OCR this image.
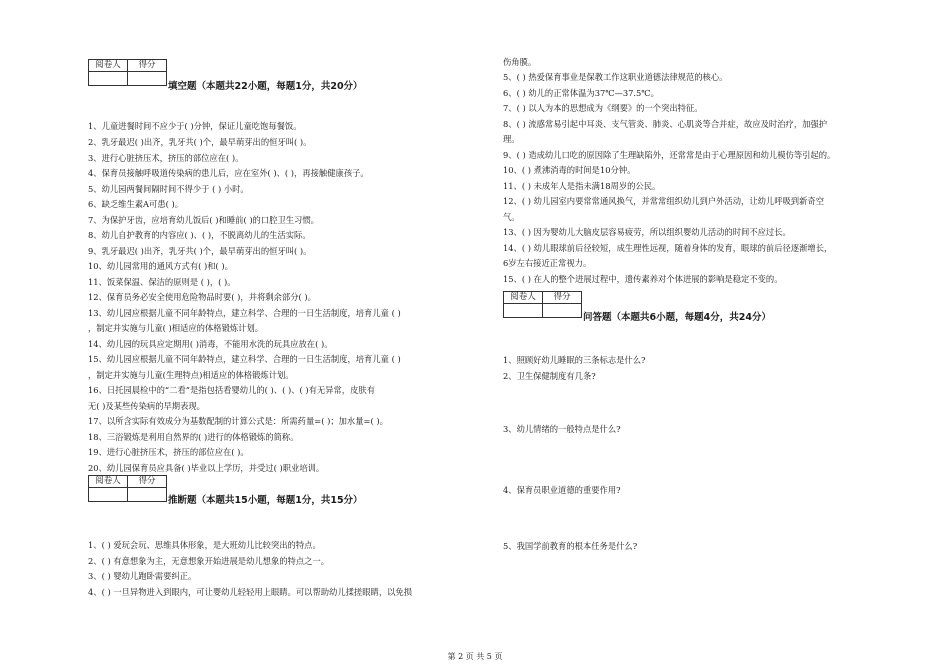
阅卷人	得分

填空题（本题共22小题，每题1分，共20分）
1、儿童进餐时间不应少于( )分钟，保证儿童吃饱每餐饭。
2、乳牙最迟( )出齐，乳牙共( )个，最早萌芽出的恒牙叫( )。
3、进行心脏挤压术，挤压的部位应在( )。
4、保育员接触呼吸道传染病的患儿后，应在室外( )、( )，再接触健康孩子。
5、幼儿园两餐间隔时间不得少于 ( ) 小时。
6、缺乏维生素A可患( )。
7、为保护牙齿，应培育幼儿饭后( )和睡前( )的口腔卫生习惯。
8、幼儿自护教育的内容应( )、( )，不脱离幼儿的生活实际。
9、乳牙最迟( )出齐，乳牙共( )个，最早萌芽出的恒牙叫( )。
10、幼儿园常用的通风方式有( )和( )。
11、饭菜保温、保洁的原则是 ( )，( )。
12、保育员务必安全使用危险物品时要( )，并将剩余部分( )。
13、幼儿园应根据儿童不同年龄特点，建立科学、合理的一日生活制度，培育儿童 ( )
，制定并实施与儿童( )相适应的体格锻炼计划。
14、幼儿园的玩具应定期用( )消毒，不能用水洗的玩具应放在( )。
15、幼儿园应根据儿童不同年龄特点，建立科学、合理的一日生活制度，培育儿童 ( )
，制定并实施与儿童(生理特点)相适应的体格锻炼计划。
16、日托园晨检中的“二看”是指包括看婴幼儿的( )、( )、( )有无异常，皮肤有
无( )及某些传染病的早期表现。
17、以所含实际有效成分为基数配制的计算公式是：所需药量=( )；加水量=( )。
18、三浴锻炼是利用自然界的( )进行的体格锻炼的简称。
19、进行心脏挤压术，挤压的部位应在( )。
20、幼儿园保育员应具备( )毕业以上学历，并受过( )职业培训。
阅卷人	得分

推断题（本题共15小题，每题1分，共15分）
1、( ) 爱玩会玩、思维具体形象，是大班幼儿比较突出的特点。
2、( ) 有意想象为主，无意想象开始进展是幼儿想象的特点之一。
3、( ) 婴幼儿跑卧需要纠正。
4、( ) 一旦异物进入到眼内，可让婴幼儿轻轻用上眼睛。可以帮助幼儿揉搓眼睛，以免损
伤角膜。
5、( ) 热爱保育事业是保教工作这职业道德法律规范的核心。
6、( ) 幼儿的正常体温为37℃—37.5℃。
7、( ) 以人为本的思想成为《纲要》的一个突出特征。
8、( ) 流感常易引起中耳炎、支气管炎、肺炎、心肌炎等合并症，故应及时治疗，加强护
理。
9、( ) 造成幼儿口吃的原因除了生理缺陷外，还常常是由于心理原因和幼儿模仿等引起的。
10、( ) 煮沸消毒的时间是10分钟。
11、( ) 未成年人是指未满18周岁的公民。
12、( ) 幼儿园室内要常常通风换气，并常常组织幼儿到户外活动，让幼儿呼吸到新奇空
气。
13、( ) 因为婴幼儿大脑皮层容易疲劳，所以组织婴幼儿活动的时间不应过长。
14、( ) 幼儿眼球前后径较短，成生理性远视，随着身体的发育，眼球的前后径逐渐增长，
6岁左右接近正常视力。
15、( ) 在人的整个进展过程中，遗传素养对个体进展的影响是稳定不变的。
阅卷人	得分

问答题（本题共6小题，每题4分，共24分）
1、照顾好幼儿睡眠的三条标志是什么?
2、卫生保健制度有几条?
3、幼儿情绪的一般特点是什么?
4、保育员职业道德的重要作用?
5、我国学前教育的根本任务是什么?
第 2 页 共 5 页
